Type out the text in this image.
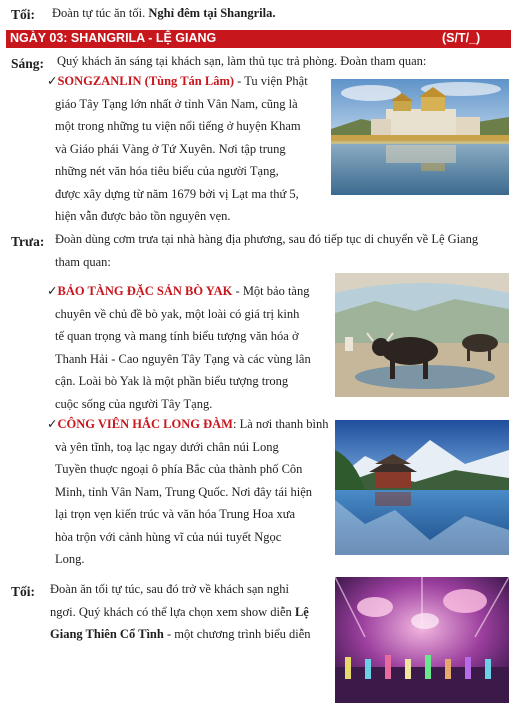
Tối: Đoàn tự túc ăn tối. Nghỉ đêm tại Shangrila.
NGÀY 03: SHANGRILA - LỆ GIANG	(S/T/_)
Sáng: Quý khách ăn sáng tại khách sạn, làm thủ tục trả phòng. Đoàn tham quan:
✓SONGZANLIN (Tùng Tán Lâm) - Tu viện Phật
giáo Tây Tạng lớn nhất ở tỉnh Vân Nam, cũng là
một trong những tu viện nổi tiếng ở huyện Kham
và Giáo phái Vàng ở Tứ Xuyên. Nơi tập trung
những nét văn hóa tiêu biểu của người Tạng,
được xây dựng từ năm 1679 bởi vị Lạt ma thứ 5,
hiện vẫn được bảo tồn nguyên vẹn.
Trưa: Đoàn dùng cơm trưa tại nhà hàng địa phương, sau đó tiếp tục di chuyển về Lệ Giang
tham quan:
✓BẢO TÀNG ĐẶC SẢN BÒ YAK - Một bảo tàng
chuyên về chủ đề bò yak, một loài có giá trị kinh
tế quan trọng và mang tính biểu tượng văn hóa ở
Thanh Hải - Cao nguyên Tây Tạng và các vùng lân
cận. Loài bò Yak là một phần biểu tượng trong
cuộc sống của người Tây Tạng.
✓CÔNG VIÊN HẮC LONG ĐÀM: Là nơi thanh bình
và yên tĩnh, toạ lạc ngay dưới chân núi Long
Tuyền thuợc ngoại ô phía Bắc của thành phố Côn
Minh, tỉnh Vân Nam, Trung Quốc. Nơi đây tái hiện
lại trọn vẹn kiến trúc và văn hóa Trung Hoa xưa
hòa trộn với cảnh hùng vĩ của núi tuyết Ngọc
Long.
Tối: Đoàn ăn tối tự túc, sau đó trở về khách sạn nghỉ
ngơi. Quý khách có thể lựa chọn xem show diễn Lệ
Giang Thiên Cổ Tình - một chương trình biểu diễn
